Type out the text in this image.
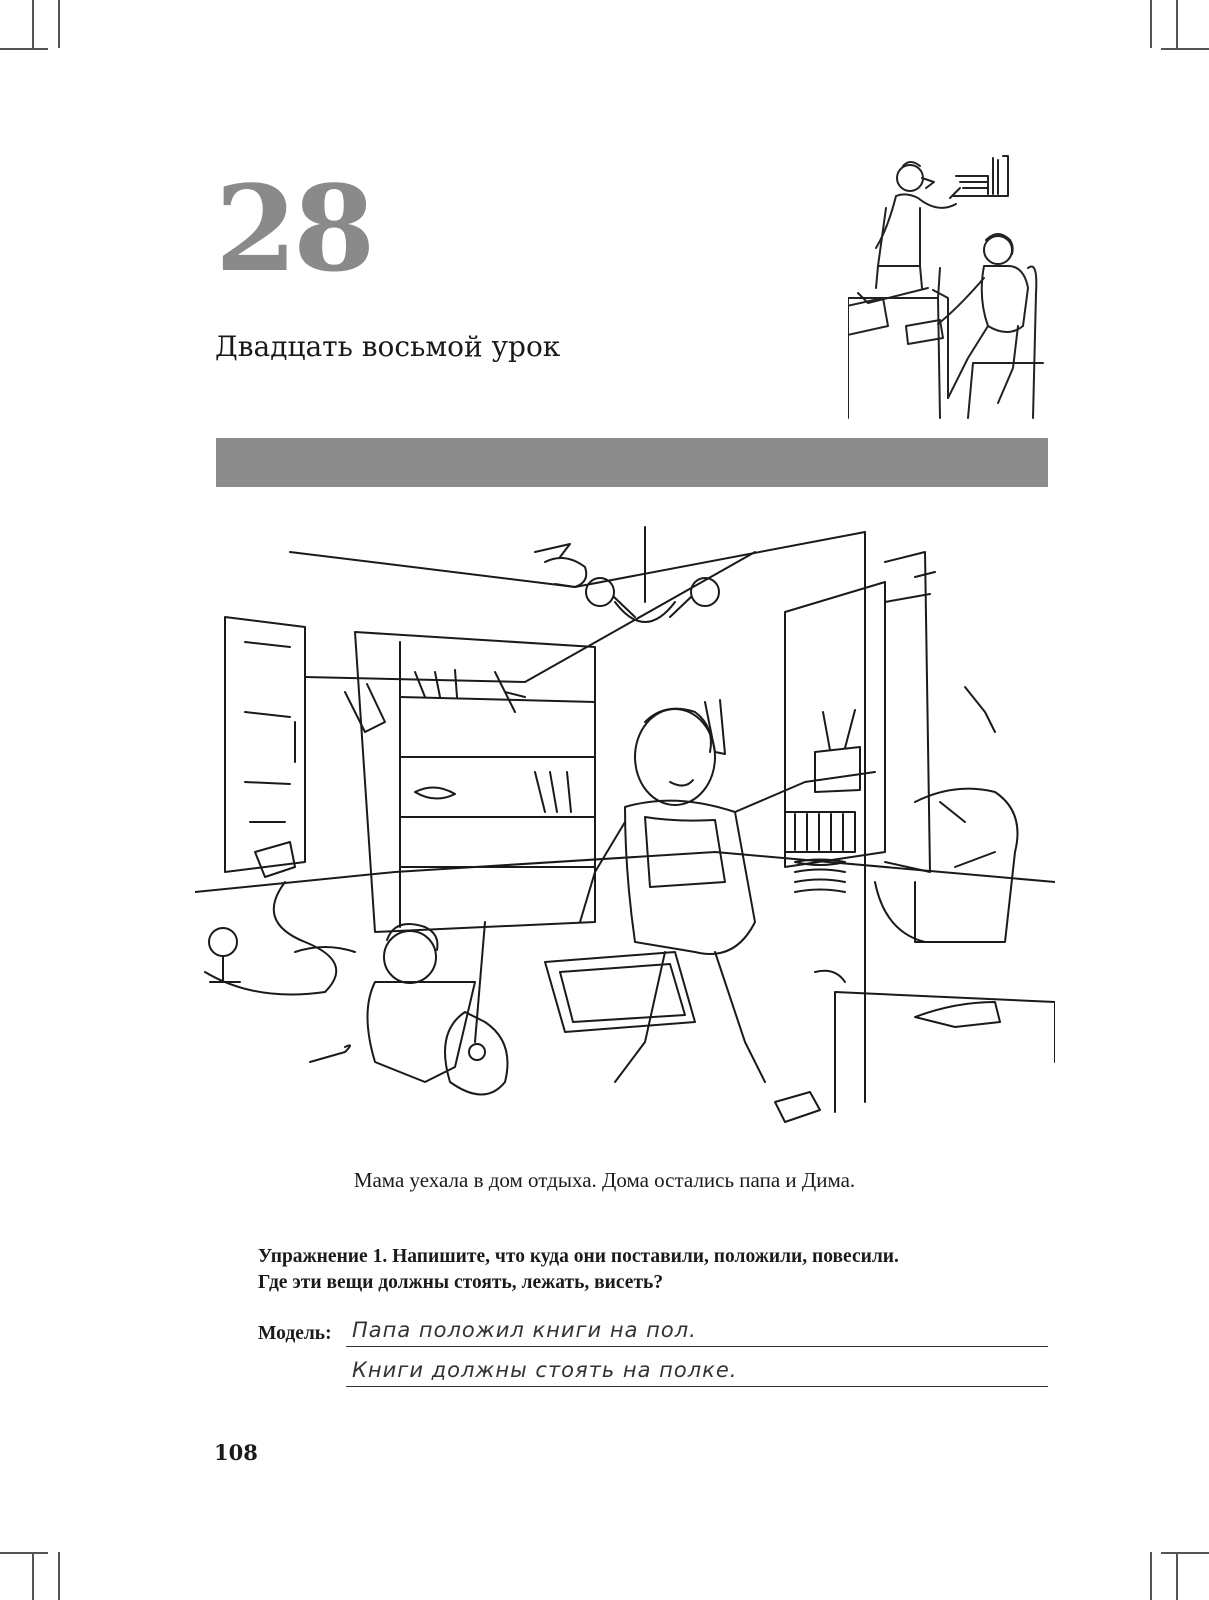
28
Двадцать восьмой урок
Мама уехала в дом отдыха. Дома остались папа и Дима.
Упражнение 1. Напишите, что куда они поставили, положили, повесили.
Где эти вещи должны стоять, лежать, висеть?
Модель: Папа положил книги на пол.
Книги должны стоять на полке.
108
